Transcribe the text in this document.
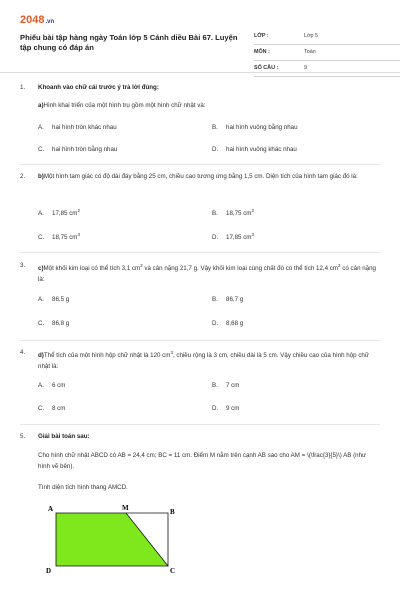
2048.vn
Phiếu bài tập hàng ngày Toán lớp 5 Cánh diều Bài 67. Luyện tập chung có đáp án
LỚP :	Lớp 5
MÔN :	Toán
SỐ CÂU :	9
1. Khoanh vào chữ cái trước ý trả lời đúng:
a)Hình khai triển của một hình trụ gồm một hình chữ nhật và:
A. hai hình tròn khác nhau	B. hai hình vuông bằng nhau
C. hai hình tròn bằng nhau	D. hai hình vuông khác nhau
2. b)Một hình tam giác có độ dài đáy bằng 25 cm, chiều cao tương ứng bằng 1,5 cm. Diện tích của hình tam giác đó là:
A. 17,85 $cm^2$	B. 18,75 $cm^2$
C. 18,75 $cm^3$	D. 17,85 $cm^3$
3. c)Một khối kim loại có thể tích 3,1 $cm^3$ và cân nặng 21,7 g. Vậy khối kim loại cùng chất đó có thể tích 12,4 $cm^3$ có cân nặng là:
A. 86,5 g	B. 86,7 g
C. 86,8 g	D. 8,68 g
4. d)Thể tích của một hình hộp chữ nhật là 120 $cm^3$, chiều rộng là 3 cm, chiều dài là 5 cm. Vậy chiều cao của hình hộp chữ nhật là:
A. 6 cm	B. 7 cm
C. 8 cm	D. 9 cm
5. Giải bài toán sau:
Cho hình chữ nhật ABCD có AB = 24,4 cm; BC = 11 cm. Điểm M nằm trên cạnh AB sao cho AM = \(\frac{3}{5}\) AB (như hình vẽ bên).
Tính diện tích hình thang AMCD.
A	M	B
C
D
